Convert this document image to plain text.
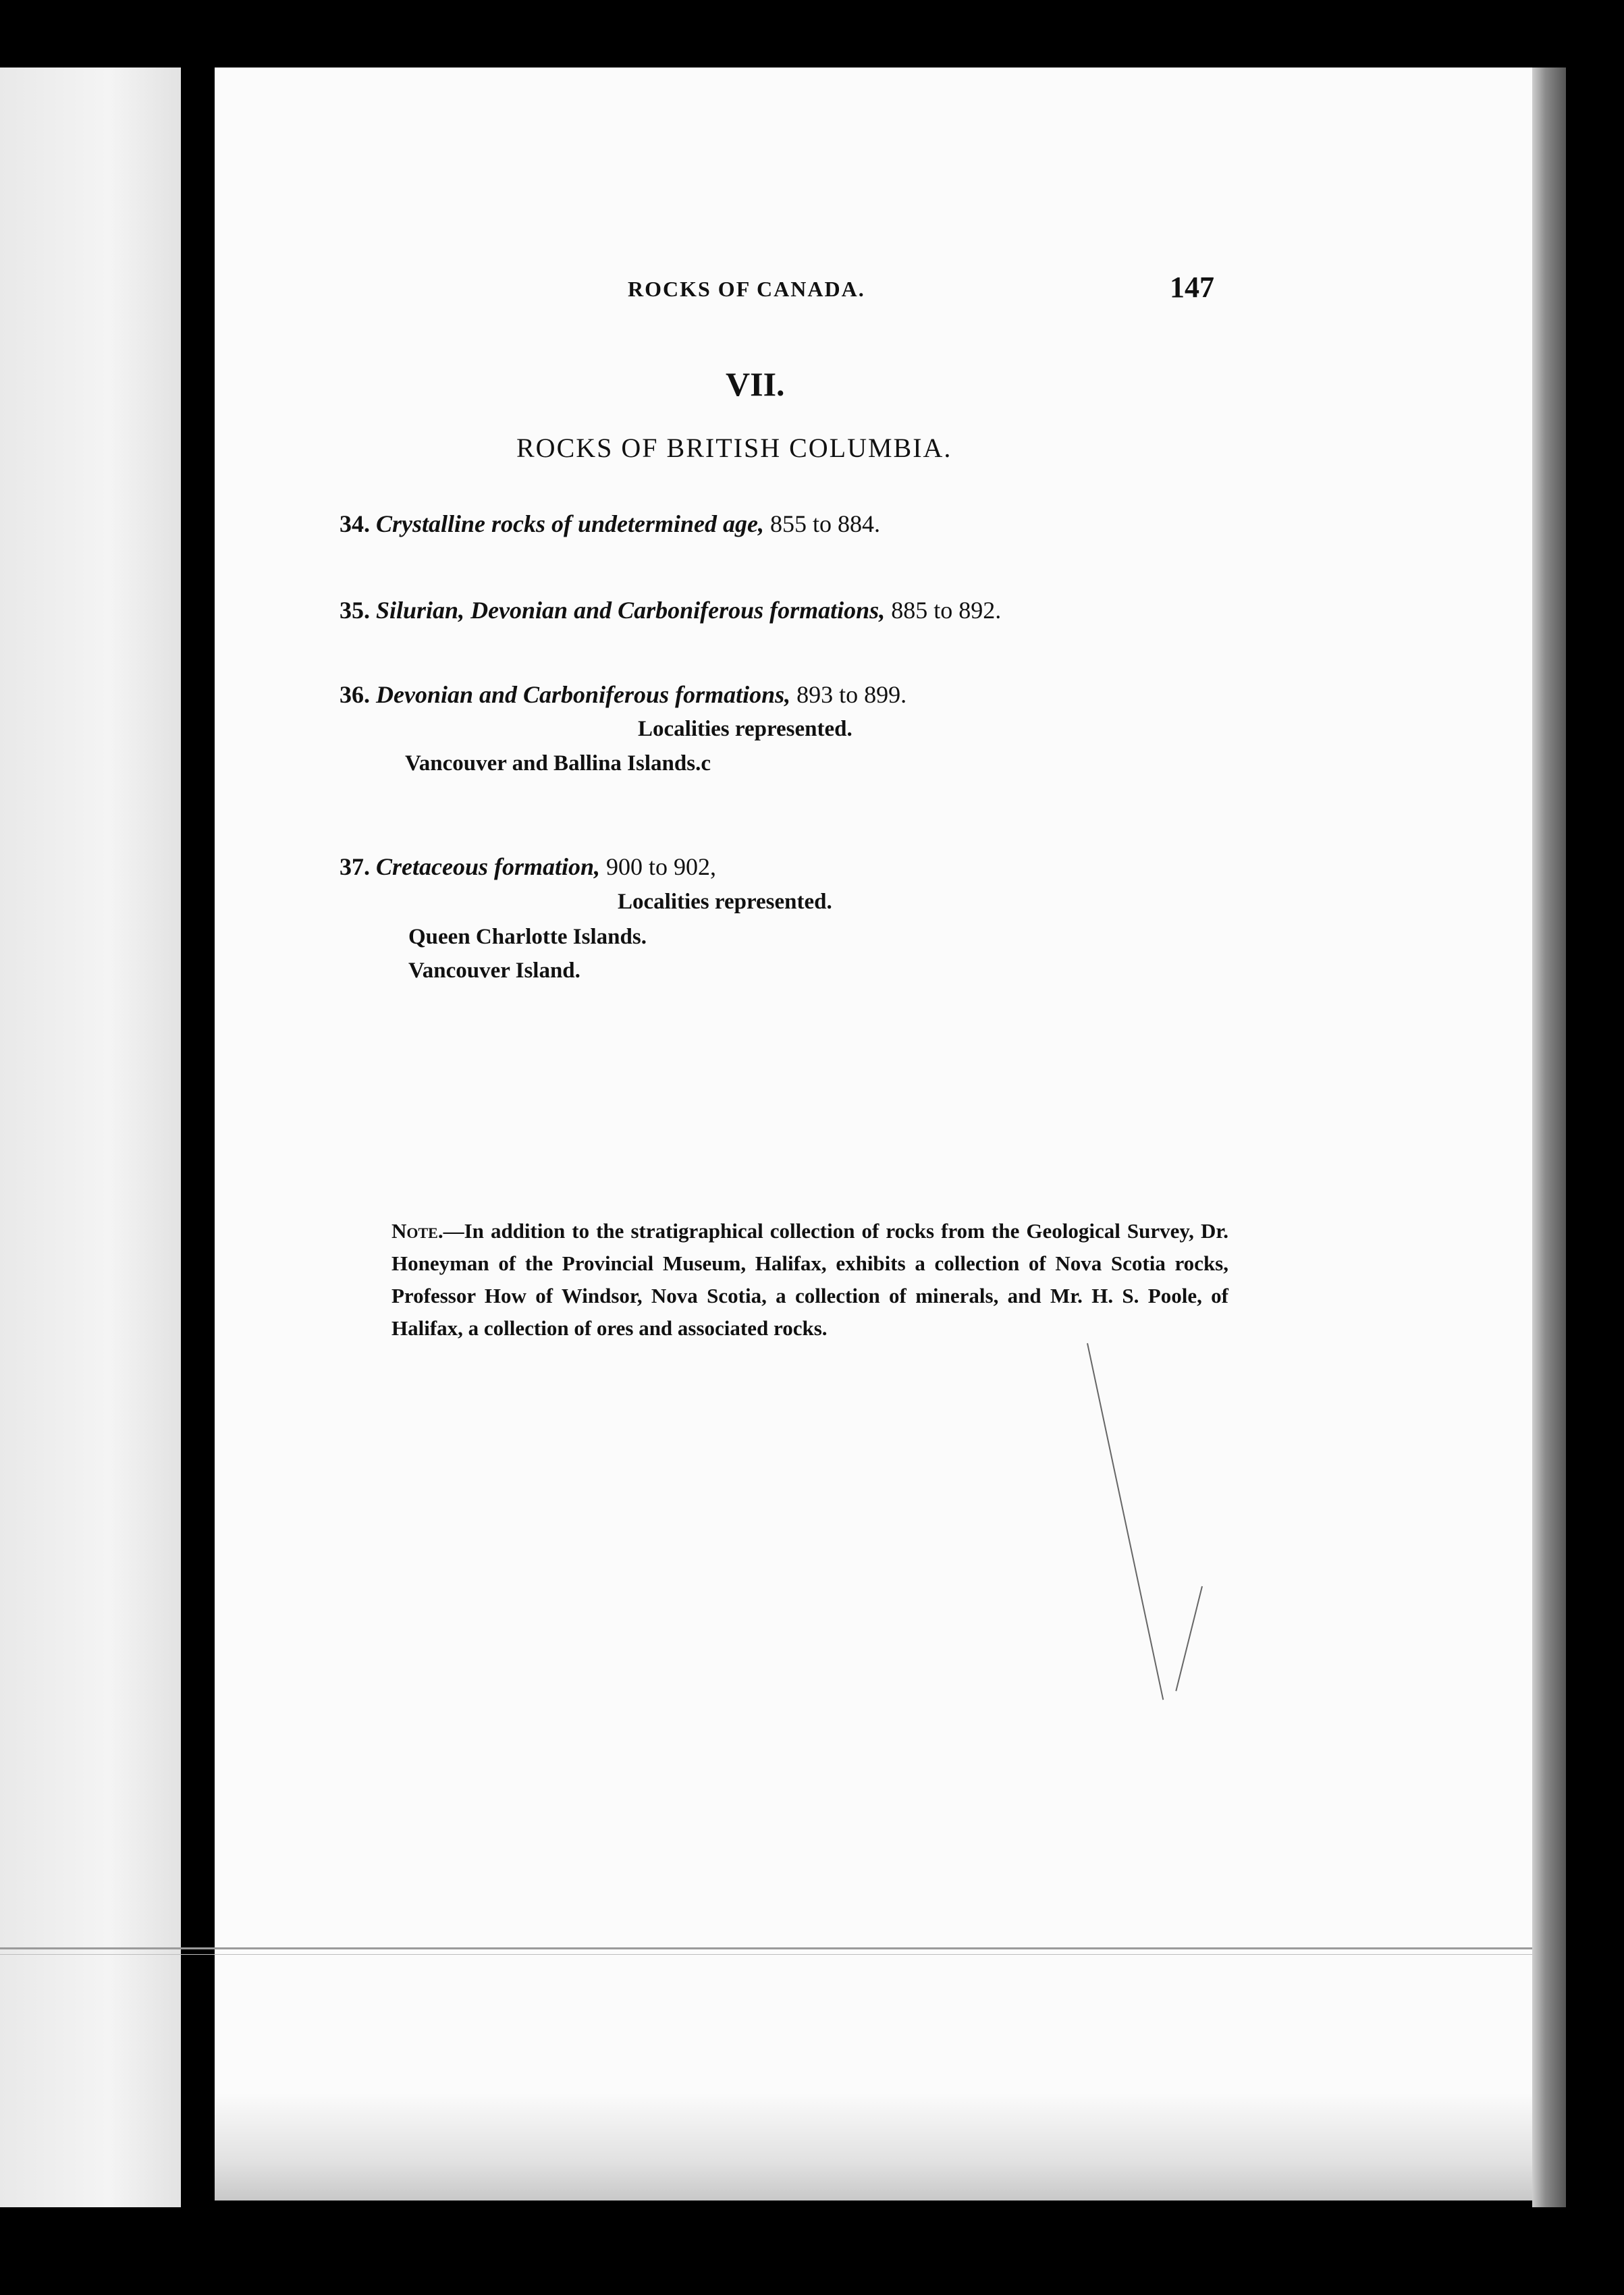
ROCKS OF CANADA.	147
VII.
ROCKS OF BRITISH COLUMBIA.
34. Crystalline rocks of undetermined age, 855 to 884.
35. Silurian, Devonian and Carboniferous formations, 885 to 892.
36. Devonian and Carboniferous formations, 893 to 899.
Localities represented.
Vancouver and Ballina Islands.c
37. Cretaceous formation, 900 to 902,
Localities represented.
Queen Charlotte Islands.
Vancouver Island.
Note.—In addition to the stratigraphical collection of rocks from the Geological Survey, Dr. Honeyman of the Provincial Museum, Halifax, exhibits a collection of Nova Scotia rocks, Professor How of Windsor, Nova Scotia, a collection of minerals, and Mr. H. S. Poole, of Halifax, a collection of ores and associated rocks.
